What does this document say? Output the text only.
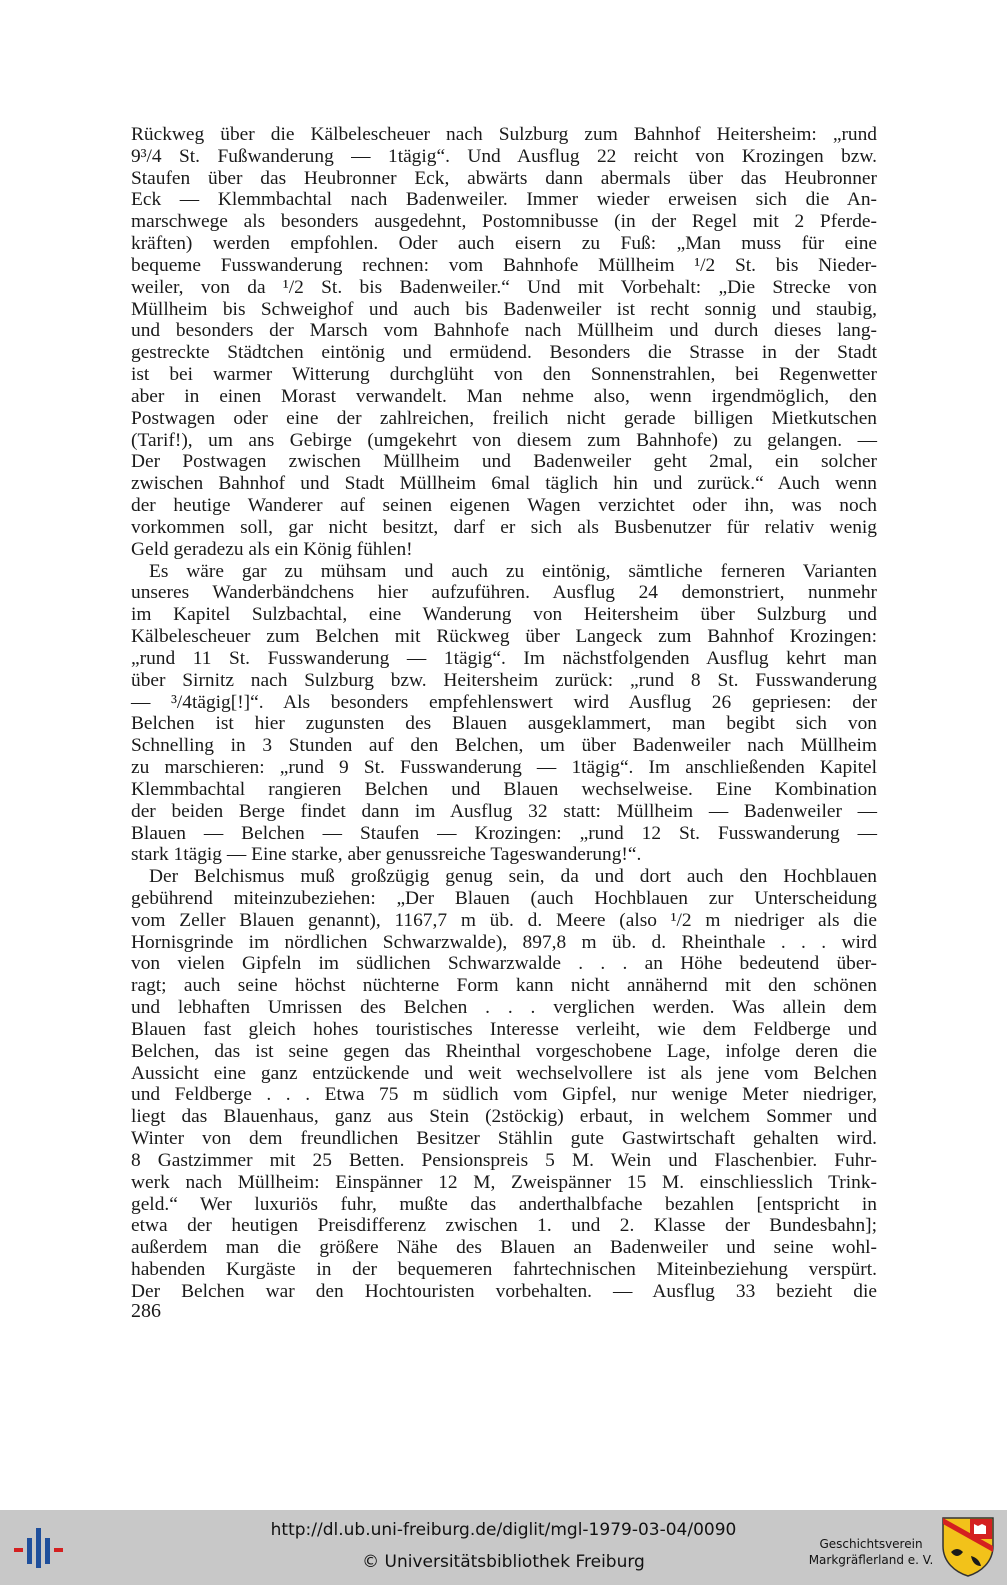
Rückweg über die Kälbelescheuer nach Sulzburg zum Bahnhof Heitersheim: „rund
9³/4 St. Fußwanderung — 1tägig“. Und Ausflug 22 reicht von Krozingen bzw.
Staufen über das Heubronner Eck, abwärts dann abermals über das Heubronner
Eck — Klemmbachtal nach Badenweiler. Immer wieder erweisen sich die An-
marschwege als besonders ausgedehnt, Postomnibusse (in der Regel mit 2 Pferde-
kräften) werden empfohlen. Oder auch eisern zu Fuß: „Man muss für eine
bequeme Fusswanderung rechnen: vom Bahnhofe Müllheim ¹/2 St. bis Nieder-
weiler, von da ¹/2 St. bis Badenweiler.“ Und mit Vorbehalt: „Die Strecke von
Müllheim bis Schweighof und auch bis Badenweiler ist recht sonnig und staubig,
und besonders der Marsch vom Bahnhofe nach Müllheim und durch dieses lang-
gestreckte Städtchen eintönig und ermüdend. Besonders die Strasse in der Stadt
ist bei warmer Witterung durchglüht von den Sonnenstrahlen, bei Regenwetter
aber in einen Morast verwandelt. Man nehme also, wenn irgendmöglich, den
Postwagen oder eine der zahlreichen, freilich nicht gerade billigen Mietkutschen
(Tarif!), um ans Gebirge (umgekehrt von diesem zum Bahnhofe) zu gelangen. —
Der Postwagen zwischen Müllheim und Badenweiler geht 2mal, ein solcher
zwischen Bahnhof und Stadt Müllheim 6mal täglich hin und zurück.“ Auch wenn
der heutige Wanderer auf seinen eigenen Wagen verzichtet oder ihn, was noch
vorkommen soll, gar nicht besitzt, darf er sich als Busbenutzer für relativ wenig
Geld geradezu als ein König fühlen!
Es wäre gar zu mühsam und auch zu eintönig, sämtliche ferneren Varianten
unseres Wanderbändchens hier aufzuführen. Ausflug 24 demonstriert, nunmehr
im Kapitel Sulzbachtal, eine Wanderung von Heitersheim über Sulzburg und
Kälbelescheuer zum Belchen mit Rückweg über Langeck zum Bahnhof Krozingen:
„rund 11 St. Fusswanderung — 1tägig“. Im nächstfolgenden Ausflug kehrt man
über Sirnitz nach Sulzburg bzw. Heitersheim zurück: „rund 8 St. Fusswanderung
— ³/4tägig[!]“. Als besonders empfehlenswert wird Ausflug 26 gepriesen: der
Belchen ist hier zugunsten des Blauen ausgeklammert, man begibt sich von
Schnelling in 3 Stunden auf den Belchen, um über Badenweiler nach Müllheim
zu marschieren: „rund 9 St. Fusswanderung — 1tägig“. Im anschließenden Kapitel
Klemmbachtal rangieren Belchen und Blauen wechselweise. Eine Kombination
der beiden Berge findet dann im Ausflug 32 statt: Müllheim — Badenweiler —
Blauen — Belchen — Staufen — Krozingen: „rund 12 St. Fusswanderung —
stark 1tägig — Eine starke, aber genussreiche Tageswanderung!“.
Der Belchismus muß großzügig genug sein, da und dort auch den Hochblauen
gebührend miteinzubeziehen: „Der Blauen (auch Hochblauen zur Unterscheidung
vom Zeller Blauen genannt), 1167,7 m üb. d. Meere (also ¹/2 m niedriger als die
Hornisgrinde im nördlichen Schwarzwalde), 897,8 m üb. d. Rheinthale . . . wird
von vielen Gipfeln im südlichen Schwarzwalde . . . an Höhe bedeutend über-
ragt; auch seine höchst nüchterne Form kann nicht annähernd mit den schönen
und lebhaften Umrissen des Belchen . . . verglichen werden. Was allein dem
Blauen fast gleich hohes touristisches Interesse verleiht, wie dem Feldberge und
Belchen, das ist seine gegen das Rheinthal vorgeschobene Lage, infolge deren die
Aussicht eine ganz entzückende und weit wechselvollere ist als jene vom Belchen
und Feldberge . . . Etwa 75 m südlich vom Gipfel, nur wenige Meter niedriger,
liegt das Blauenhaus, ganz aus Stein (2stöckig) erbaut, in welchem Sommer und
Winter von dem freundlichen Besitzer Stählin gute Gastwirtschaft gehalten wird.
8 Gastzimmer mit 25 Betten. Pensionspreis 5 M. Wein und Flaschenbier. Fuhr-
werk nach Müllheim: Einspänner 12 M, Zweispänner 15 M. einschliesslich Trink-
geld.“ Wer luxuriös fuhr, mußte das anderthalbfache bezahlen [entspricht in
etwa der heutigen Preisdifferenz zwischen 1. und 2. Klasse der Bundesbahn];
außerdem man die größere Nähe des Blauen an Badenweiler und seine wohl-
habenden Kurgäste in der bequemeren fahrtechnischen Miteinbeziehung verspürt.
Der Belchen war den Hochtouristen vorbehalten. — Ausflug 33 bezieht die
286
http://dl.ub.uni-freiburg.de/diglit/mgl-1979-03-04/0090
© Universitätsbibliothek Freiburg
Geschichtsverein
Markgräflerland e. V.
